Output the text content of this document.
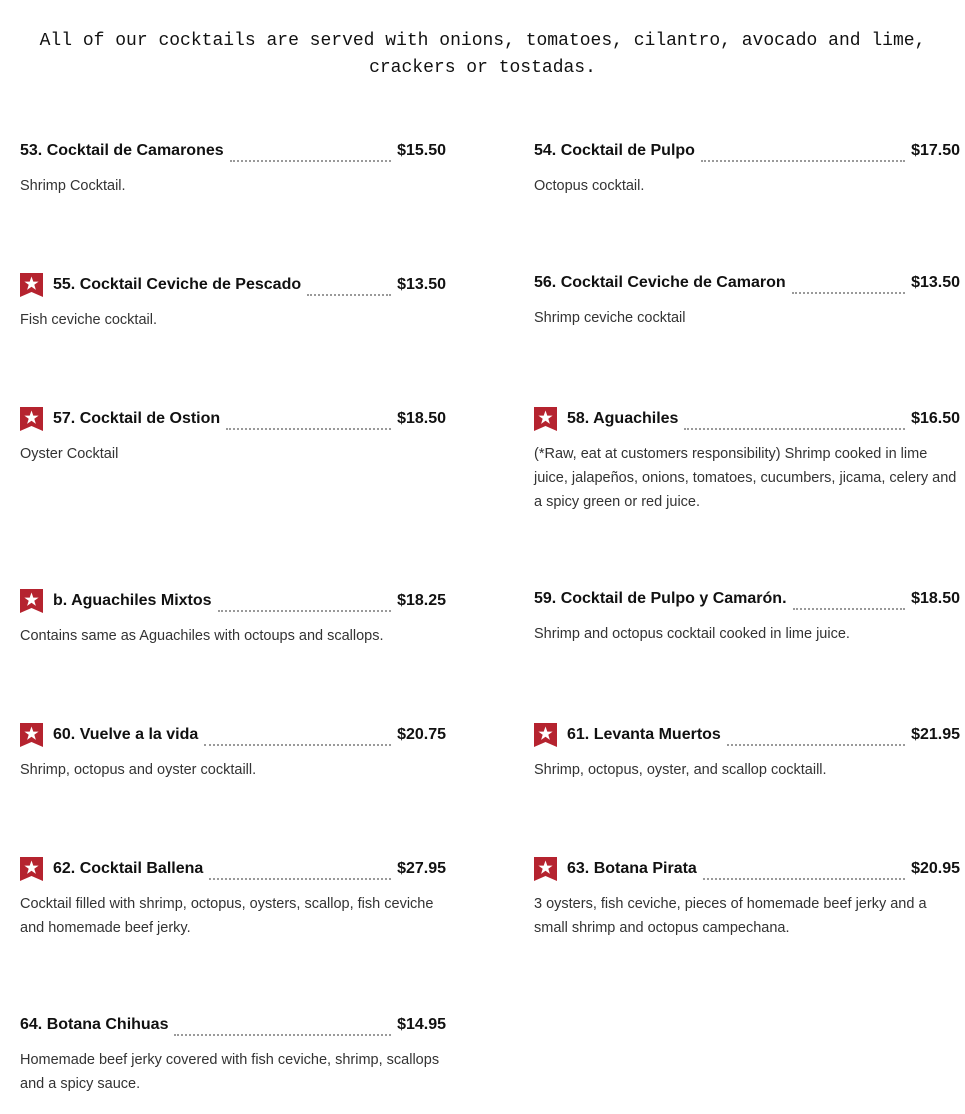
All of our cocktails are served with onions, tomatoes, cilantro, avocado and lime, crackers or tostadas.
53. Cocktail de Camarones	$15.50
Shrimp Cocktail.
54. Cocktail de Pulpo	$17.50
Octopus cocktail.
55. Cocktail Ceviche de Pescado	$13.50
Fish ceviche cocktail.
56. Cocktail Ceviche de Camaron	$13.50
Shrimp ceviche cocktail
57. Cocktail de Ostion	$18.50
Oyster Cocktail
58. Aguachiles	$16.50
(*Raw, eat at customers responsibility) Shrimp cooked in lime juice, jalapeños, onions, tomatoes, cucumbers, jicama, celery and a spicy green or red juice.
b. Aguachiles Mixtos	$18.25
Contains same as Aguachiles with octoups and scallops.
59. Cocktail de Pulpo y Camarón.	$18.50
Shrimp and octopus cocktail cooked in lime juice.
60. Vuelve a la vida	$20.75
Shrimp, octopus and oyster cocktaill.
61. Levanta Muertos	$21.95
Shrimp, octopus, oyster, and scallop cocktaill.
62. Cocktail Ballena	$27.95
Cocktail filled with shrimp, octopus, oysters, scallop, fish ceviche and homemade beef jerky.
63. Botana Pirata	$20.95
3 oysters, fish ceviche, pieces of homemade beef jerky and a small shrimp and octopus campechana.
64. Botana Chihuas	$14.95
Homemade beef jerky covered with fish ceviche, shrimp, scallops and a spicy sauce.
